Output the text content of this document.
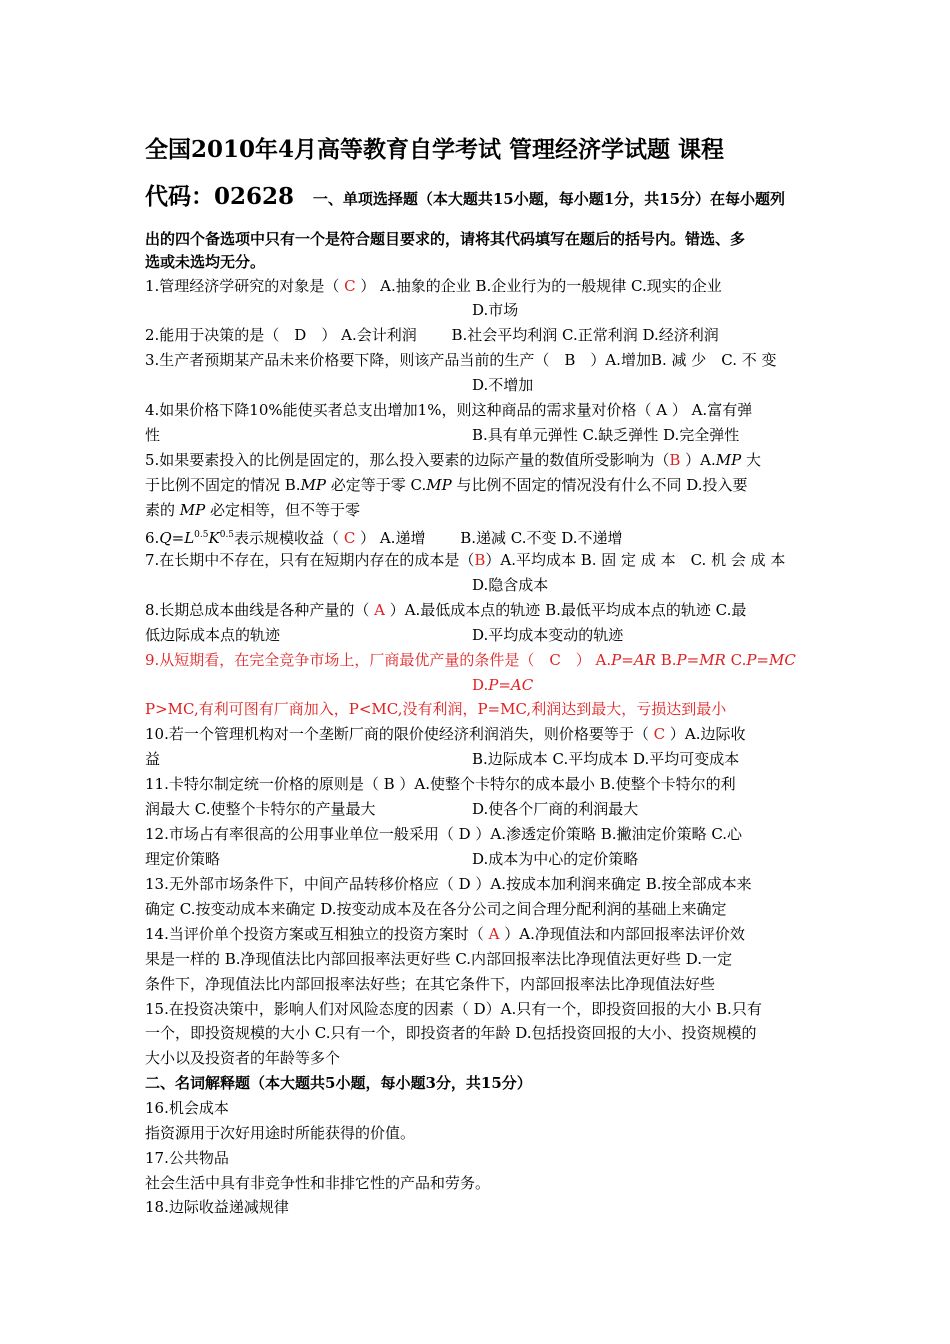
全国2010年4月高等教育自学考试 管理经济学试题 课程
代码：02628 一、单项选择题（本大题共15小题，每小题1分，共15分）在每小题列
出的四个备选项中只有一个是符合题目要求的，请将其代码填写在题后的括号内。错选、多
选或未选均无分。
1.管理经济学研究的对象是（ C ） A.抽象的企业 B.企业行为的一般规律 C.现实的企业
D.市场
2.能用于决策的是（　D　） A.会计利润　　 B.社会平均利润 C.正常利润 D.经济利润
3.生产者预期某产品未来价格要下降，则该产品当前的生产（　B　）A.增加B. 减 少　C. 不 变
D.不增加
4.如果价格下降10%能使买者总支出增加1%，则这种商品的需求量对价格（ A ） A.富有弹
性	B.具有单元弹性 C.缺乏弹性 D.完全弹性
5.如果要素投入的比例是固定的，那么投入要素的边际产量的数值所受影响为（B ）A.MP 大
于比例不固定的情况 B.MP 必定等于零 C.MP 与比例不固定的情况没有什么不同 D.投入要
素的 MP 必定相等，但不等于零
$6.Q=L^{0.5}K^{0.5}$表示规模收益（ C ） A.递增　　 B.递减 C.不变 D.不递增
7.在长期中不存在，只有在短期内存在的成本是（B）A.平均成本 B. 固 定 成 本　C. 机 会 成 本
D.隐含成本
8.长期总成本曲线是各种产量的（ A ）A.最低成本点的轨迹 B.最低平均成本点的轨迹 C.最
低边际成本点的轨迹	D.平均成本变动的轨迹
9.从短期看，在完全竞争市场上，厂商最优产量的条件是（　C　） A.P=AR B.P=MR C.P=MC
D.P=AC
P>MC,有利可图有厂商加入，P<MC,没有利润，P=MC,利润达到最大，亏损达到最小
10.若一个管理机构对一个垄断厂商的限价使经济利润消失，则价格要等于（ C ）A.边际收
益	B.边际成本 C.平均成本 D.平均可变成本
11.卡特尔制定统一价格的原则是（ B ）A.使整个卡特尔的成本最小 B.使整个卡特尔的利
润最大 C.使整个卡特尔的产量最大	D.使各个厂商的利润最大
12.市场占有率很高的公用事业单位一般采用（ D ）A.渗透定价策略 B.撇油定价策略 C.心
理定价策略	D.成本为中心的定价策略
13.无外部市场条件下，中间产品转移价格应（ D ）A.按成本加利润来确定 B.按全部成本来
确定 C.按变动成本来确定 D.按变动成本及在各分公司之间合理分配利润的基础上来确定
14.当评价单个投资方案或互相独立的投资方案时（ A ）A.净现值法和内部回报率法评价效
果是一样的 B.净现值法比内部回报率法更好些 C.内部回报率法比净现值法更好些 D.一定
条件下，净现值法比内部回报率法好些；在其它条件下，内部回报率法比净现值法好些
15.在投资决策中，影响人们对风险态度的因素（ D）A.只有一个，即投资回报的大小 B.只有
一个，即投资规模的大小 C.只有一个，即投资者的年龄 D.包括投资回报的大小、投资规模的
大小以及投资者的年龄等多个
二、名词解释题（本大题共5小题，每小题3分，共15分）
16.机会成本
指资源用于次好用途时所能获得的价值。
17.公共物品
社会生活中具有非竞争性和非排它性的产品和劳务。
18.边际收益递减规律
